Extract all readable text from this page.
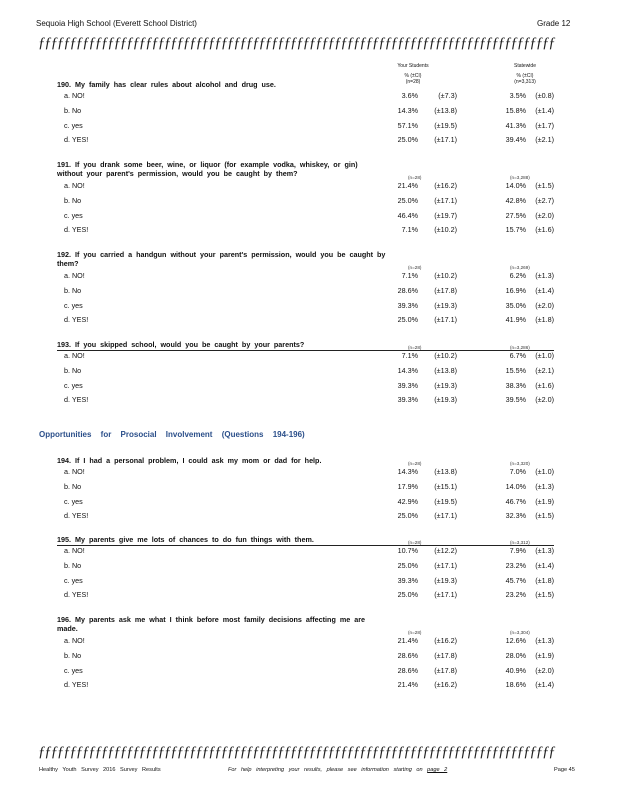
Sequoia High School (Everett School District)	Grade 12
ƒƒƒƒƒƒƒƒƒƒƒƒƒƒƒƒƒƒƒƒƒƒƒƒƒƒƒƒƒƒƒƒƒƒƒƒƒƒƒƒƒƒƒƒƒƒƒƒƒƒƒƒƒƒƒƒƒƒƒƒƒƒƒƒƒƒƒƒƒƒƒƒƒƒƒƒƒƒƒƒƒƒ
Your Students
% (±CI)
(n=28)
Statewide
% (±CI)
(n=3,313)
Opportunities for Prosocial Involvement (Questions 194-196)
190. My family has clear rules about alcohol and drug use.
a. NO!	3.6%	(±7.3)	3.5%	(±0.8)
b. No	14.3%	(±13.8)	15.8%	(±1.4)
c. yes	57.1%	(±19.5)	41.3%	(±1.7)
d. YES!	25.0%	(±17.1)	39.4%	(±2.1)
191. If you drank some beer, wine, or liquor (for example vodka, whiskey, or gin) without your parent's permission, would you be caught by them?	(n=28)	(n=3,288)
a. NO!	21.4%	(±16.2)	14.0%	(±1.5)
b. No	25.0%	(±17.1)	42.8%	(±2.7)
c. yes	46.4%	(±19.7)	27.5%	(±2.0)
d. YES!	7.1%	(±10.2)	15.7%	(±1.6)
192. If you carried a handgun without your parent's permission, would you be caught by them?	(n=28)	(n=3,269)
a. NO!	7.1%	(±10.2)	6.2%	(±1.3)
b. No	28.6%	(±17.8)	16.9%	(±1.4)
c. yes	39.3%	(±19.3)	35.0%	(±2.0)
d. YES!	25.0%	(±17.1)	41.9%	(±1.8)
193. If you skipped school, would you be caught by your parents?	(n=28)	(n=3,286)
a. NO!	7.1%	(±10.2)	6.7%	(±1.0)
b. No	14.3%	(±13.8)	15.5%	(±2.1)
c. yes	39.3%	(±19.3)	38.3%	(±1.6)
d. YES!	39.3%	(±19.3)	39.5%	(±2.0)
194. If I had a personal problem, I could ask my mom or dad for help.	(n=28)	(n=3,320)
a. NO!	14.3%	(±13.8)	7.0%	(±1.0)
b. No	17.9%	(±15.1)	14.0%	(±1.3)
c. yes	42.9%	(±19.5)	46.7%	(±1.9)
d. YES!	25.0%	(±17.1)	32.3%	(±1.5)
195. My parents give me lots of chances to do fun things with them.	(n=28)	(n=3,312)
a. NO!	10.7%	(±12.2)	7.9%	(±1.3)
b. No	25.0%	(±17.1)	23.2%	(±1.4)
c. yes	39.3%	(±19.3)	45.7%	(±1.8)
d. YES!	25.0%	(±17.1)	23.2%	(±1.5)
196. My parents ask me what I think before most family decisions affecting me are made.	(n=28)	(n=3,304)
a. NO!	21.4%	(±16.2)	12.6%	(±1.3)
b. No	28.6%	(±17.8)	28.0%	(±1.9)
c. yes	28.6%	(±17.8)	40.9%	(±2.0)
d. YES!	21.4%	(±16.2)	18.6%	(±1.4)
ƒƒƒƒƒƒƒƒƒƒƒƒƒƒƒƒƒƒƒƒƒƒƒƒƒƒƒƒƒƒƒƒƒƒƒƒƒƒƒƒƒƒƒƒƒƒƒƒƒƒƒƒƒƒƒƒƒƒƒƒƒƒƒƒƒƒƒƒƒƒƒƒƒƒƒƒƒƒƒƒƒƒ
Healthy Youth Survey 2016 Survey Results	For help interpreting your results, please see information starting on page 2	Page 45
